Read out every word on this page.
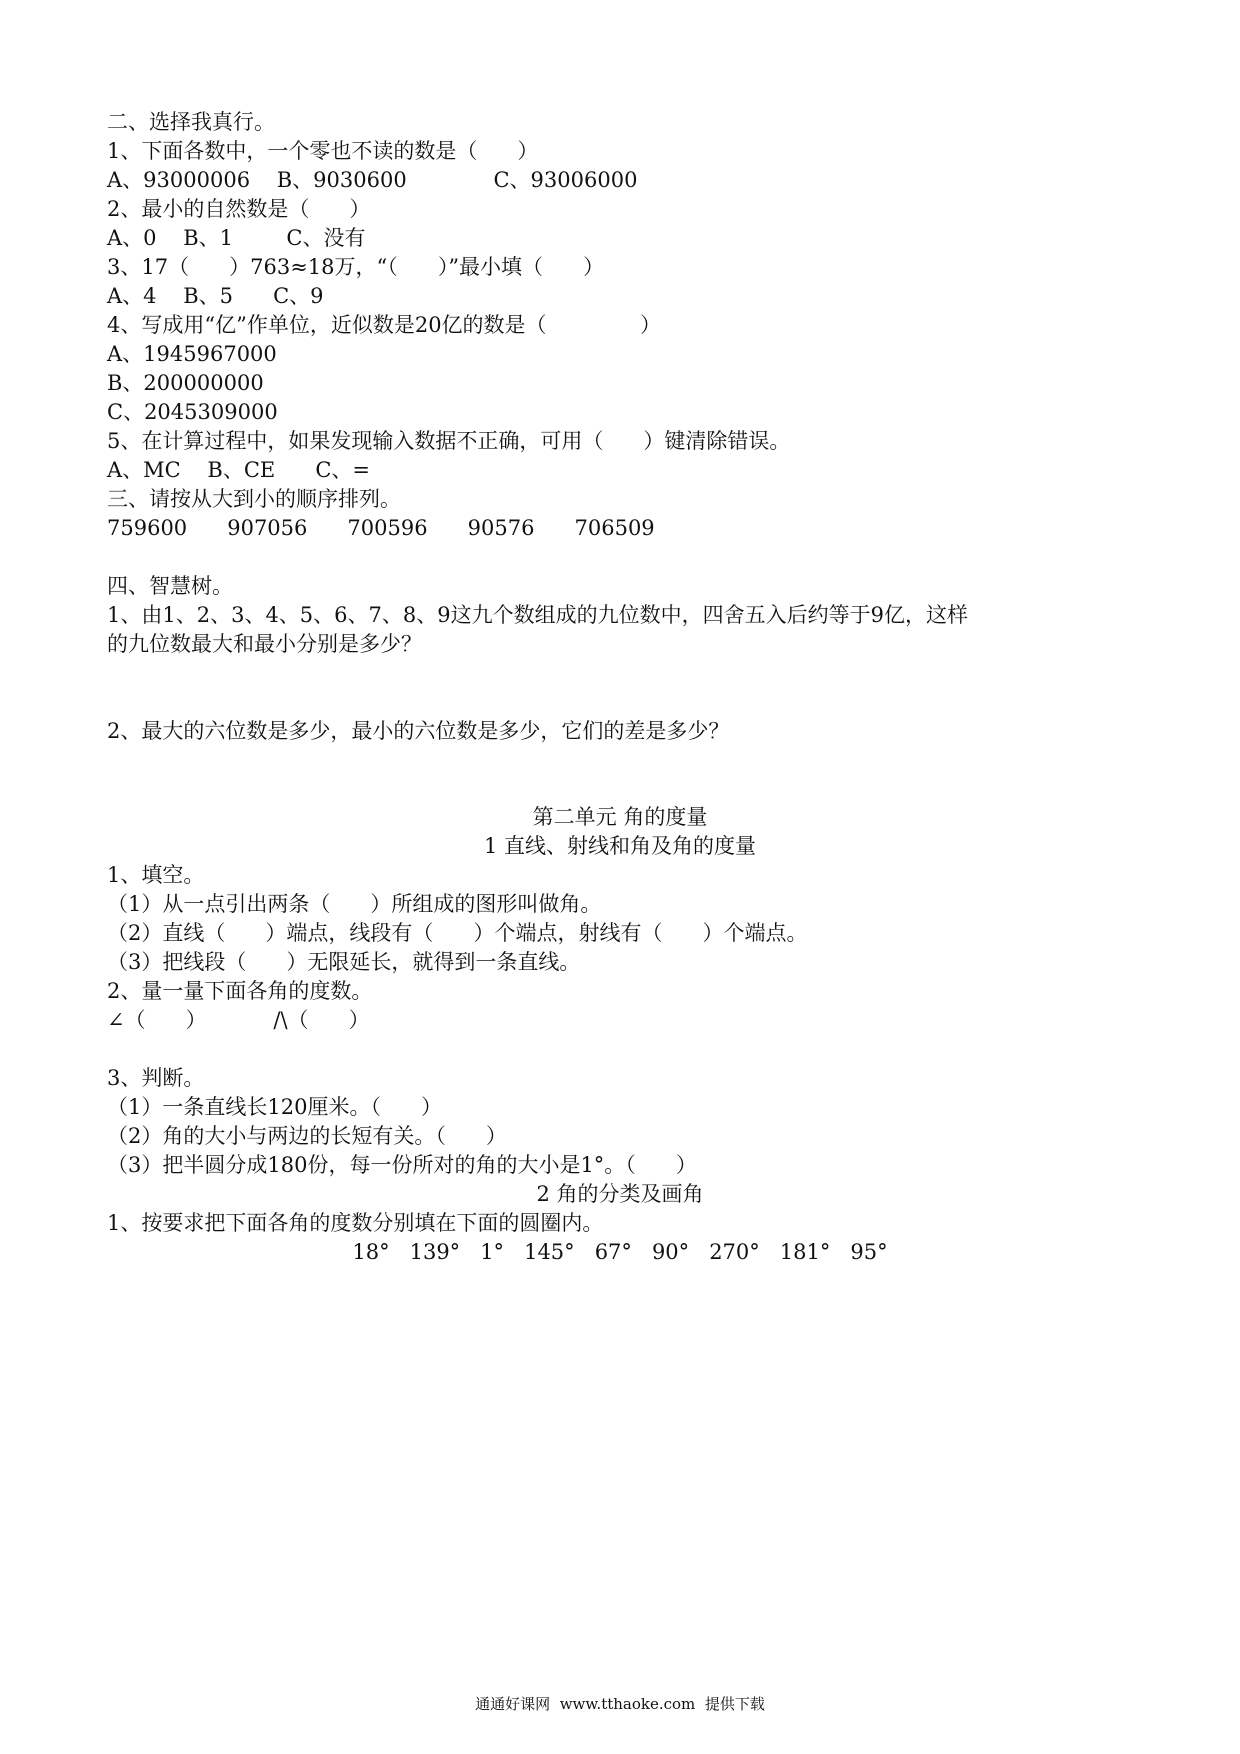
二、选择我真行。
1、下面各数中，一个零也不读的数是（      ）
A、93000006    B、9030600             C、93006000
2、最小的自然数是（      ）
A、0    B、1        C、没有
3、17（      ）763≈18万，“（      ）”最小填（      ）
A、4    B、5      C、9
4、写成用“亿”作单位，近似数是20亿的数是（              ）
A、1945967000
B、200000000
C、2045309000
5、在计算过程中，如果发现输入数据不正确，可用（      ）键清除错误。
A、MC    B、CE      C、=
三、请按从大到小的顺序排列。
759600      907056      700596      90576      706509
四、智慧树。
1、由1、2、3、4、5、6、7、8、9这九个数组成的九位数中，四舍五入后约等于9亿，这样
的九位数最大和最小分别是多少？
2、最大的六位数是多少，最小的六位数是多少，它们的差是多少？
第二单元 角的度量
1 直线、射线和角及角的度量
1、填空。
（1）从一点引出两条（      ）所组成的图形叫做角。
（2）直线（      ）端点，线段有（      ）个端点，射线有（      ）个端点。
（3）把线段（      ）无限延长，就得到一条直线。
2、量一量下面各角的度数。
∠（      ）          /\（      ）
3、判断。
（1）一条直线长120厘米。（      ）
（2）角的大小与两边的长短有关。（      ）
（3）把半圆分成180份，每一份所对的角的大小是1°。（      ）
2 角的分类及画角
1、按要求把下面各角的度数分别填在下面的圆圈内。
18°   139°   1°   145°   67°   90°   270°   181°   95°
通通好课网  www.tthaoke.com  提供下载
